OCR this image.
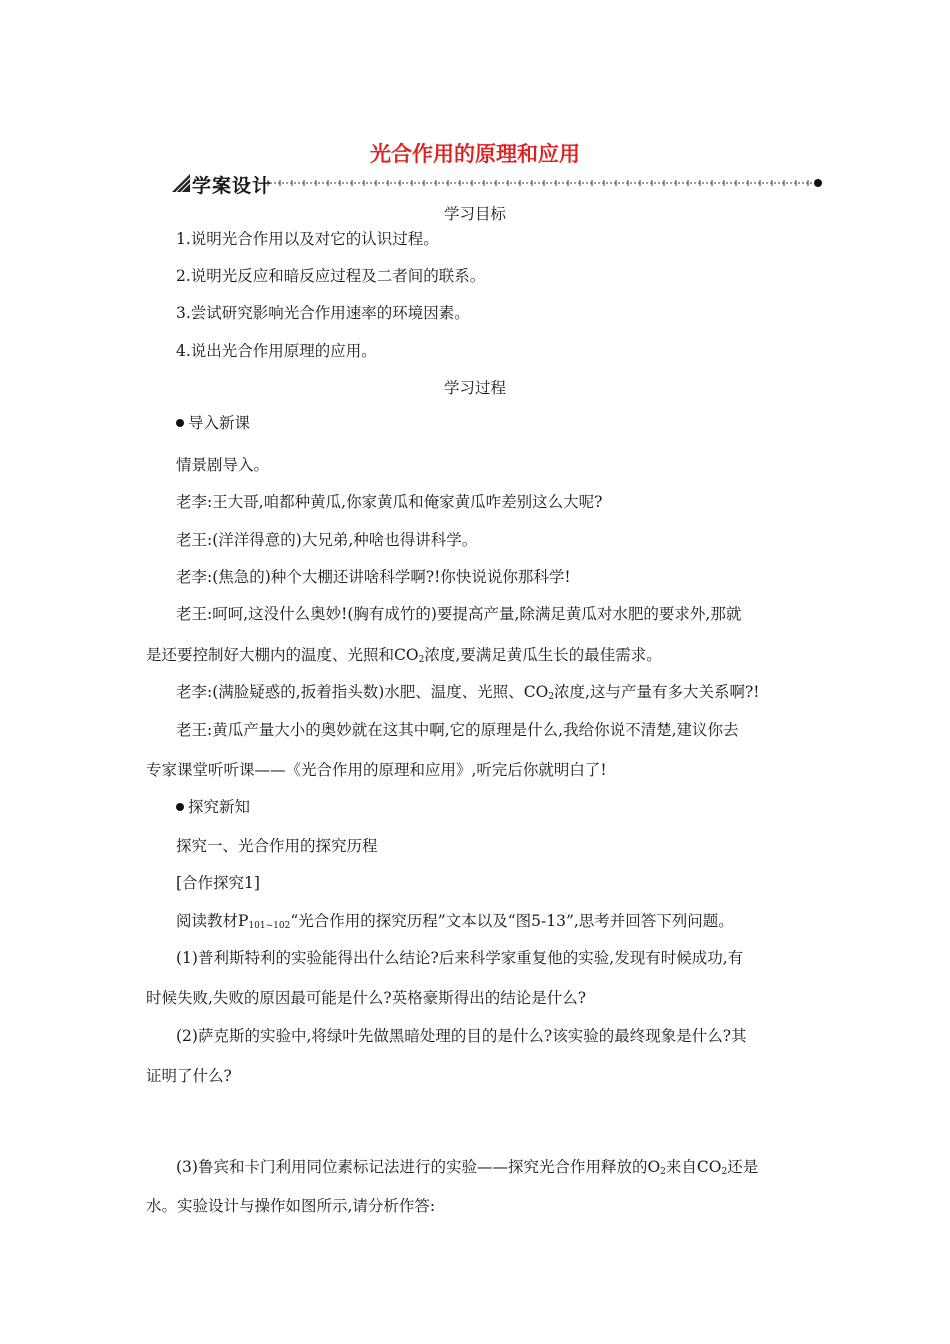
光合作用的原理和应用
学案设计
学习目标
1.说明光合作用以及对它的认识过程。
2.说明光反应和暗反应过程及二者间的联系。
3.尝试研究影响光合作用速率的环境因素。
4.说出光合作用原理的应用。
学习过程
导入新课
情景剧导入。
老李:王大哥,咱都种黄瓜,你家黄瓜和俺家黄瓜咋差别这么大呢?
老王:(洋洋得意的)大兄弟,种啥也得讲科学。
老李:(焦急的)种个大棚还讲啥科学啊?!你快说说你那科学!
老王:呵呵,这没什么奥妙!(胸有成竹的)要提高产量,除满足黄瓜对水肥的要求外,那就
是还要控制好大棚内的温度、光照和$CO_2$浓度,要满足黄瓜生长的最佳需求。
老李:(满脸疑惑的,扳着指头数)水肥、温度、光照、$CO_2$浓度,这与产量有多大关系啊?!
老王:黄瓜产量大小的奥妙就在这其中啊,它的原理是什么,我给你说不清楚,建议你去
专家课堂听听课——《光合作用的原理和应用》,听完后你就明白了!
探究新知
探究一、光合作用的探究历程
[合作探究1]
阅读教材$P_{101\sim 102}“$光合作用的探究历程”文本以及“图5-13”,思考并回答下列问题。
(1)普利斯特利的实验能得出什么结论?后来科学家重复他的实验,发现有时候成功,有
时候失败,失败的原因最可能是什么?英格豪斯得出的结论是什么?
(2)萨克斯的实验中,将绿叶先做黑暗处理的目的是什么?该实验的最终现象是什么?其
证明了什么?
(3)鲁宾和卡门利用同位素标记法进行的实验——探究光合作用释放的$O_2$来自$CO_2$还是
水。实验设计与操作如图所示,请分析作答:
